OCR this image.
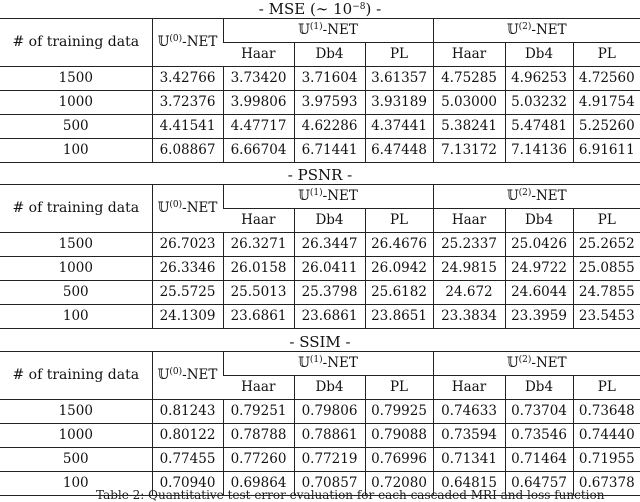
- MSE (∼ $10^{-8}$) -
# of training data	𝕌$^{(0)}$-NET	𝕌$^{(1)}$-NET			𝕌$^{(2)}$-NET		
		Haar	Db4	PL	Haar	Db4	PL
1500	3.42766	3.73420	3.71604	3.61357	4.75285	4.96253	4.72560
1000	3.72376	3.99806	3.97593	3.93189	5.03000	5.03232	4.91754
500	4.41541	4.47717	4.62286	4.37441	5.38241	5.47481	5.25260
100	6.08867	6.66704	6.71441	6.47448	7.13172	7.14136	6.91611
- PSNR -
# of training data	𝕌$^{(0)}$-NET	𝕌$^{(1)}$-NET			𝕌$^{(2)}$-NET		
		Haar	Db4	PL	Haar	Db4	PL
1500	26.7023	26.3271	26.3447	26.4676	25.2337	25.0426	25.2652
1000	26.3346	26.0158	26.0411	26.0942	24.9815	24.9722	25.0855
500	25.5725	25.5013	25.3798	25.6182	24.672	24.6044	24.7855
100	24.1309	23.6861	23.6861	23.8651	23.3834	23.3959	23.5453
- SSIM -
# of training data	𝕌$^{(0)}$-NET	𝕌$^{(1)}$-NET			𝕌$^{(2)}$-NET		
		Haar	Db4	PL	Haar	Db4	PL
1500	0.81243	0.79251	0.79806	0.79925	0.74633	0.73704	0.73648
1000	0.80122	0.78788	0.78861	0.79088	0.73594	0.73546	0.74440
500	0.77455	0.77260	0.77219	0.76996	0.71341	0.71464	0.71955
100	0.70940	0.69864	0.70857	0.72080	0.64815	0.64757	0.67378
Table 2: Quantitative test error evaluation for each cascaded MRI and loss function
